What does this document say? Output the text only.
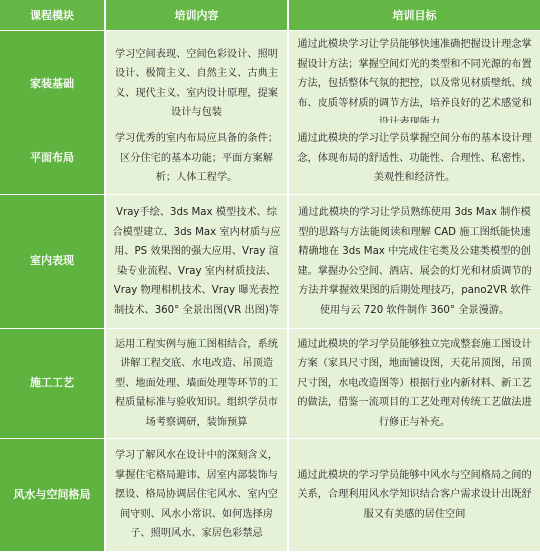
课程模块	培训内容	培训目标
家装基础
学习空间表现、空间色彩设计、照明设计、极简主义、自然主义、古典主义、现代主义、室内设计原理，提案设计与包装
通过此模块学习让学员能够快速准确把握设计理念掌握设计方法；掌握空间灯光的类型和不同光源的布置方法，包括整体气氛的把控，以及常见材质壁纸、绒布、皮质等材质的调节方法，培养良好的艺术感觉和
平面布局
学习优秀的室内布局应具备的条件；区分住宅的基本功能；平面方案解析；人体工程学。
通过此模块的学习让学员掌握空间分布的基本设计理念，体现布局的舒适性、功能性、合理性、私密性、美观性和经济性。
室内表现
Vray手绘、3ds Max 模型技术、综合模型建立、3ds Max 室内材质与应用、PS 效果图的强大应用、Vray 渲染专业流程、Vray 室内材质技法、Vray 物理相机技术、Vray 曝光表控制技术、360° 全景出图(VR 出图)等
通过此模块的学习让学员熟练使用 3ds Max 制作模型的思路与方法能阅读和理解 CAD 施工图纸能快速精确地在 3ds Max 中完成住宅类及公建类模型的创建。掌握办公空间、酒店、展会的灯光和材质调节的方法并掌握效果图的后期处理技巧，pano2VR 软件使用与云 720 软件制作 360° 全景漫游。
施工工艺
运用工程实例与施工图相结合，系统讲解工程交底、水电改造、吊顶造型、地面处理、墙面处理等环节的工程质量标准与验收知识。组织学员市场考察调研，装饰预算
通过此模块的学习学员能够独立完成整套施工图设计方案（家具尺寸图，地面铺设图，天花吊顶图，吊顶尺寸图，水电改造图等）根据行业内新材料、新工艺的做法，借鉴一流项目的工艺处理对传统工艺做法进行修正与补充。
风水与空间格局
学习了解风水在设计中的深刻含义，掌握住宅格局避讳、居室内部装饰与摆设、格局协调居住宅风水、室内空间守则、风水小常识、如何选择房子、照明风水、家居色彩禁忌
通过此模块的学习学员能够中风水与空间格局之间的关系，合理利用风水学知识结合客户需求设计出既舒服又有美感的居住空间
